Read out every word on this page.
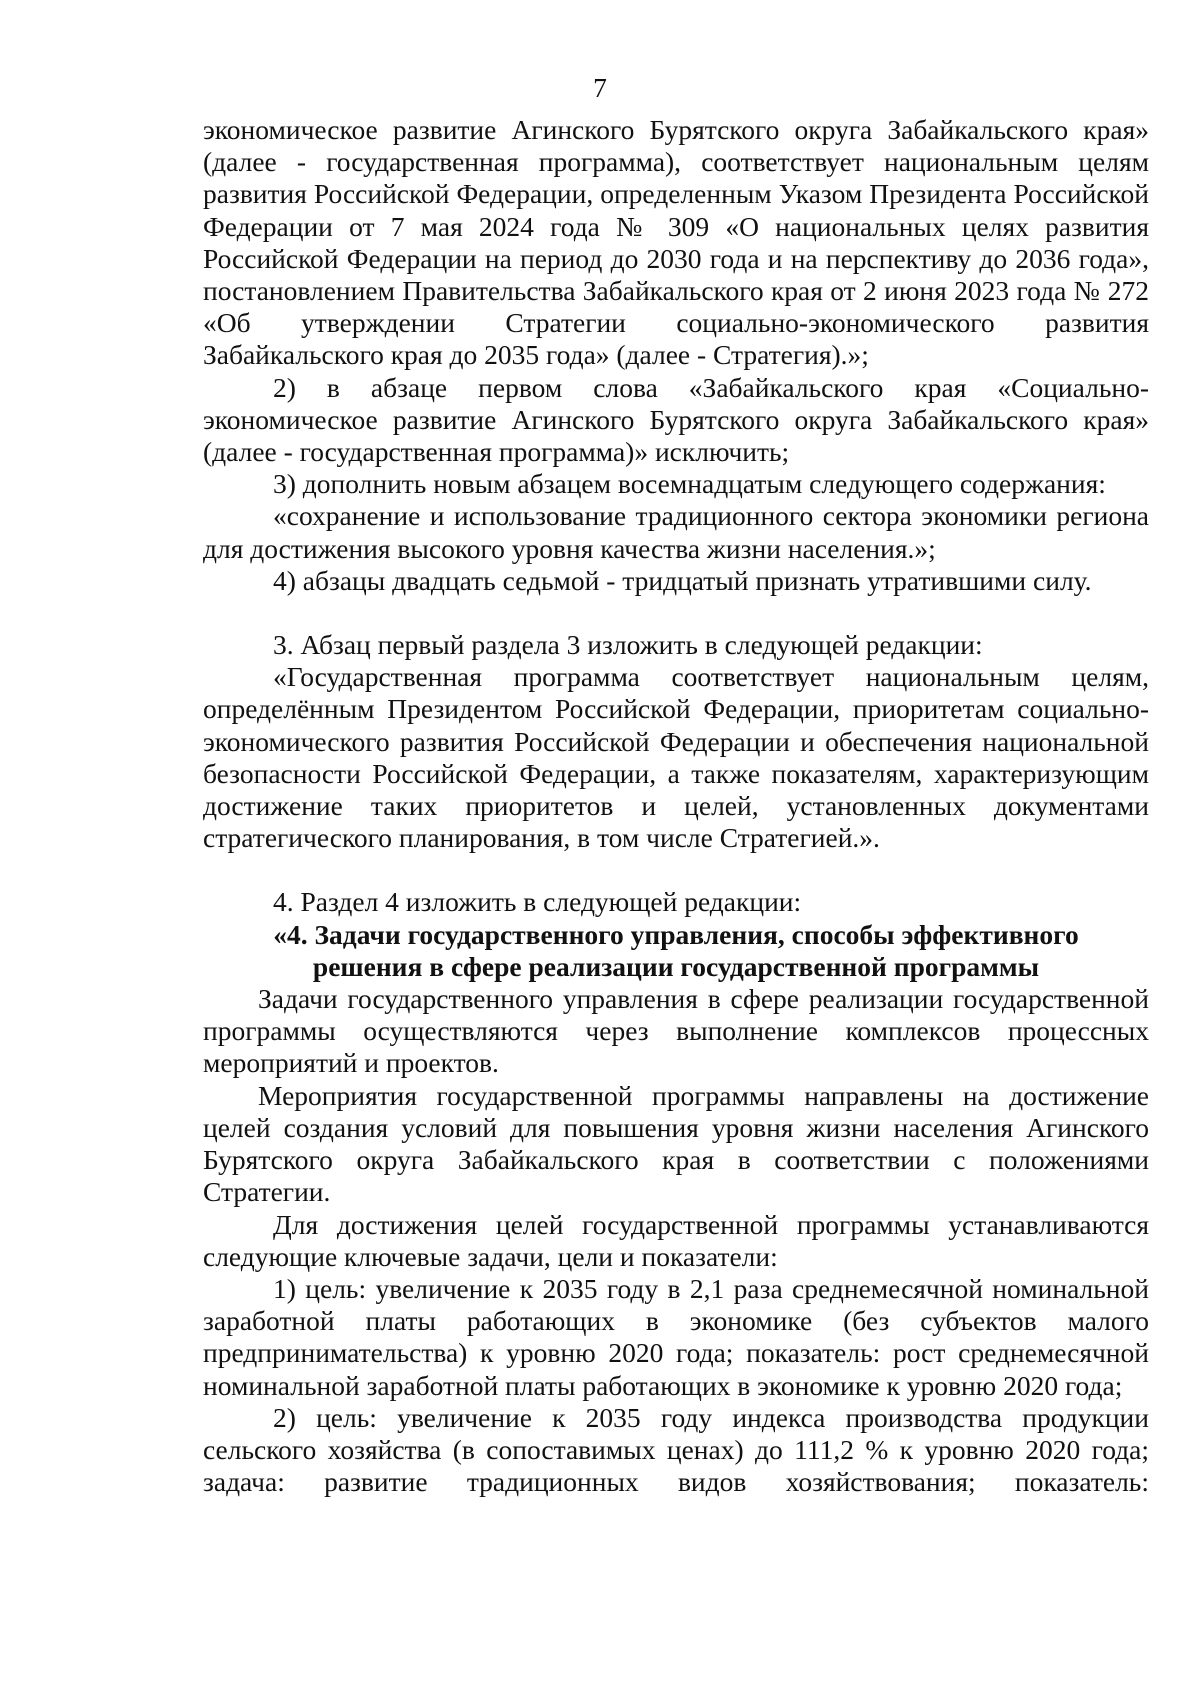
7

экономическое развитие Агинского Бурятского округа Забайкальского края» (далее - государственная программа), соответствует национальным целям развития Российской Федерации, определенным Указом Президента Российской Федерации от 7 мая 2024 года № 309 «О национальных целях развития Российской Федерации на период до 2030 года и на перспективу до 2036 года», постановлением Правительства Забайкальского края от 2 июня 2023 года № 272 «Об утверждении Стратегии социально-экономического развития Забайкальского края до 2035 года» (далее - Стратегия).»;

2) в абзаце первом слова «Забайкальского края «Социально-экономическое развитие Агинского Бурятского округа Забайкальского края» (далее - государственная программа)» исключить;

3) дополнить новым абзацем восемнадцатым следующего содержания:

«сохранение и использование традиционного сектора экономики региона для достижения высокого уровня качества жизни населения.»;

4) абзацы двадцать седьмой - тридцатый признать утратившими силу.

3. Абзац первый раздела 3 изложить в следующей редакции:

«Государственная программа соответствует национальным целям, определённым Президентом Российской Федерации, приоритетам социально-экономического развития Российской Федерации и обеспечения национальной безопасности Российской Федерации, а также показателям, характеризующим достижение таких приоритетов и целей, установленных документами стратегического планирования, в том числе Стратегией.».

4. Раздел 4 изложить в следующей редакции:

«4. Задачи государственного управления, способы эффективного

решения в сфере реализации государственной программы

Задачи государственного управления в сфере реализации государственной программы осуществляются через выполнение комплексов процессных мероприятий и проектов.

Мероприятия государственной программы направлены на достижение целей создания условий для повышения уровня жизни населения Агинского Бурятского округа Забайкальского края в соответствии с положениями Стратегии.

Для достижения целей государственной программы устанавливаются следующие ключевые задачи, цели и показатели:

1) цель: увеличение к 2035 году в 2,1 раза среднемесячной номинальной заработной платы работающих в экономике (без субъектов малого предпринимательства) к уровню 2020 года; показатель: рост среднемесячной номинальной заработной платы работающих в экономике к уровню 2020 года;

2) цель: увеличение к 2035 году индекса производства продукции сельского хозяйства (в сопоставимых ценах) до 111,2 % к уровню 2020 года; задача: развитие традиционных видов хозяйствования; показатель:
